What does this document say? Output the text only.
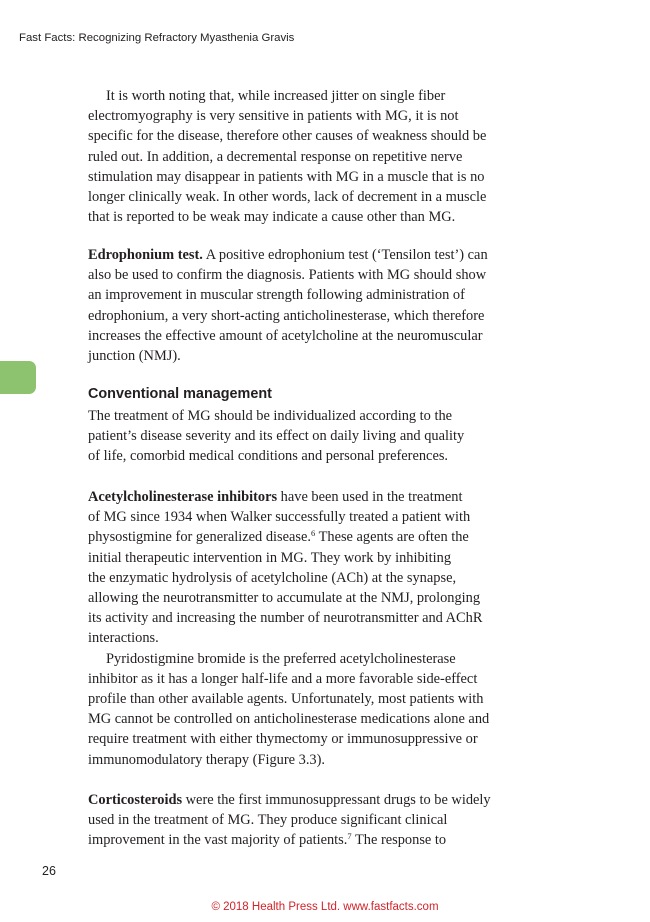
Fast Facts: Recognizing Refractory Myasthenia Gravis

It is worth noting that, while increased jitter on single fiber
electromyography is very sensitive in patients with MG, it is not
specific for the disease, therefore other causes of weakness should be
ruled out. In addition, a decremental response on repetitive nerve
stimulation may disappear in patients with MG in a muscle that is no
longer clinically weak. In other words, lack of decrement in a muscle
that is reported to be weak may indicate a cause other than MG.

Edrophonium test. A positive edrophonium test (‘Tensilon test’) can
also be used to confirm the diagnosis. Patients with MG should show
an improvement in muscular strength following administration of
edrophonium, a very short-acting anticholinesterase, which therefore
increases the effective amount of acetylcholine at the neuromuscular
junction (NMJ).

Conventional management

The treatment of MG should be individualized according to the
patient’s disease severity and its effect on daily living and quality
of life, comorbid medical conditions and personal preferences.

Acetylcholinesterase inhibitors have been used in the treatment
of MG since 1934 when Walker successfully treated a patient with
physostigmine for generalized disease.$^6$ These agents are often the
initial therapeutic intervention in MG. They work by inhibiting
the enzymatic hydrolysis of acetylcholine (ACh) at the synapse,
allowing the neurotransmitter to accumulate at the NMJ, prolonging
its activity and increasing the number of neurotransmitter and AChR
interactions.
Pyridostigmine bromide is the preferred acetylcholinesterase
inhibitor as it has a longer half-life and a more favorable side-effect
profile than other available agents. Unfortunately, most patients with
MG cannot be controlled on anticholinesterase medications alone and
require treatment with either thymectomy or immunosuppressive or
immunomodulatory therapy (Figure 3.3).

Corticosteroids were the first immunosuppressant drugs to be widely
used in the treatment of MG. They produce significant clinical
improvement in the vast majority of patients.$^7$ The response to

26
© 2018 Health Press Ltd. www.fastfacts.com
